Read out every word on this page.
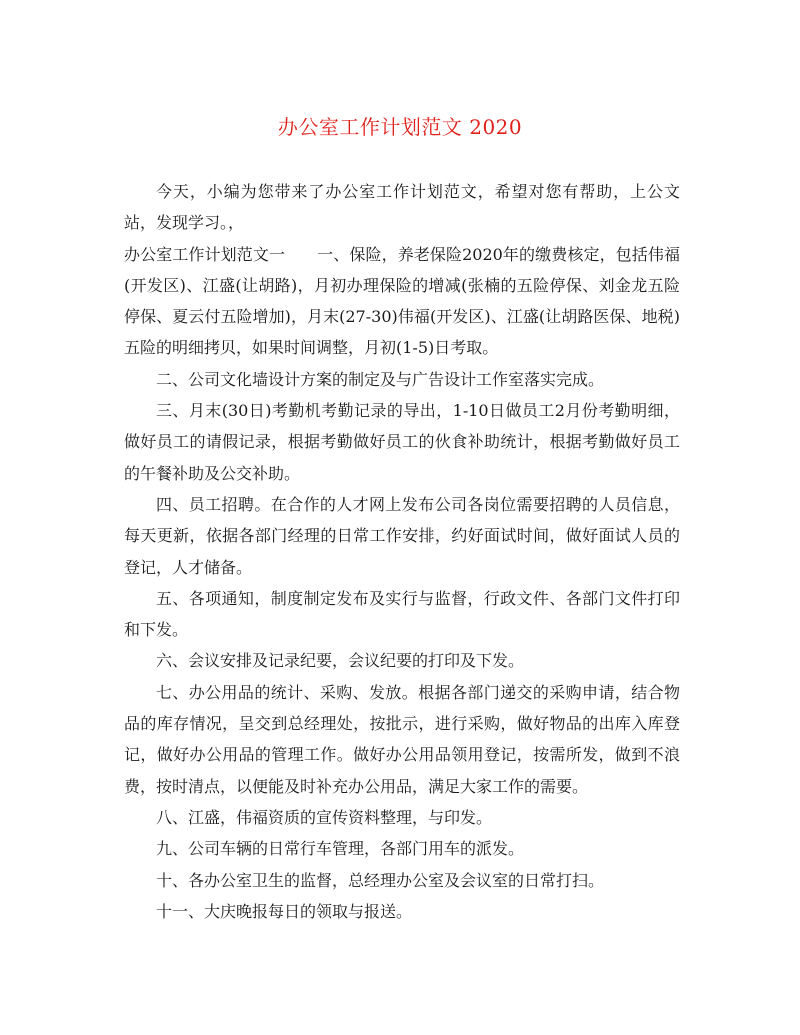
办公室工作计划范文 2020

今天，小编为您带来了办公室工作计划范文，希望对您有帮助，上公文站，发现学习。，

办公室工作计划范文一 一、保险，养老保险2020年的缴费核定，包括伟福(开发区)、江盛(让胡路)，月初办理保险的增减(张楠的五险停保、刘金龙五险停保、夏云付五险增加)，月末(27-30)伟福(开发区)、江盛(让胡路医保、地税)五险的明细拷贝，如果时间调整，月初(1-5)日考取。

二、公司文化墙设计方案的制定及与广告设计工作室落实完成。

三、月末(30日)考勤机考勤记录的导出，1-10日做员工2月份考勤明细，做好员工的请假记录，根据考勤做好员工的伙食补助统计，根据考勤做好员工的午餐补助及公交补助。

四、员工招聘。在合作的人才网上发布公司各岗位需要招聘的人员信息，每天更新，依据各部门经理的日常工作安排，约好面试时间，做好面试人员的登记，人才储备。

五、各项通知，制度制定发布及实行与监督，行政文件、各部门文件打印和下发。

六、会议安排及记录纪要，会议纪要的打印及下发。

七、办公用品的统计、采购、发放。根据各部门递交的采购申请，结合物品的库存情况，呈交到总经理处，按批示，进行采购，做好物品的出库入库登记，做好办公用品的管理工作。做好办公用品领用登记，按需所发，做到不浪费，按时清点，以便能及时补充办公用品，满足大家工作的需要。

八、江盛，伟福资质的宣传资料整理，与印发。

九、公司车辆的日常行车管理，各部门用车的派发。

十、各办公室卫生的监督，总经理办公室及会议室的日常打扫。

十一、大庆晚报每日的领取与报送。
